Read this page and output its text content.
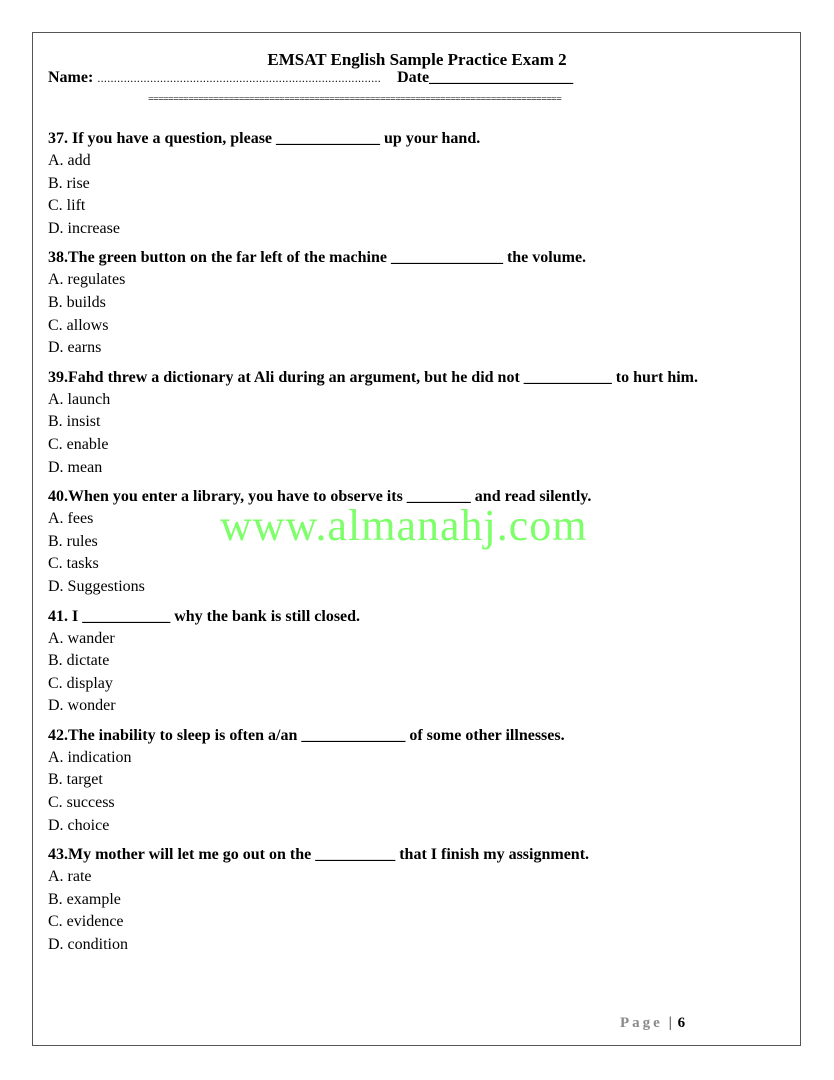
EMSAT English Sample Practice Exam 2
Name: ...................................................................................... Date__________________
==================================================================================
37. If you have a question, please _____________ up your hand.
A. add
B. rise
C. lift
D. increase
38.The green button on the far left of the machine ______________ the volume.
A. regulates
B. builds
C. allows
D. earns
39.Fahd threw a dictionary at Ali during an argument, but he did not ___________ to hurt him.
A. launch
B. insist
C. enable
D. mean
40.When you enter a library, you have to observe its ________ and read silently.
A. fees
B. rules
C. tasks
D. Suggestions
41. I ___________ why the bank is still closed.
A. wander
B. dictate
C. display
D. wonder
42.The inability to sleep is often a/an _____________ of some other illnesses.
A. indication
B. target
C. success
D. choice
43.My mother will let me go out on the __________ that I finish my assignment.
A. rate
B. example
C. evidence
D. condition
www.almanahj.com
Page | 6
